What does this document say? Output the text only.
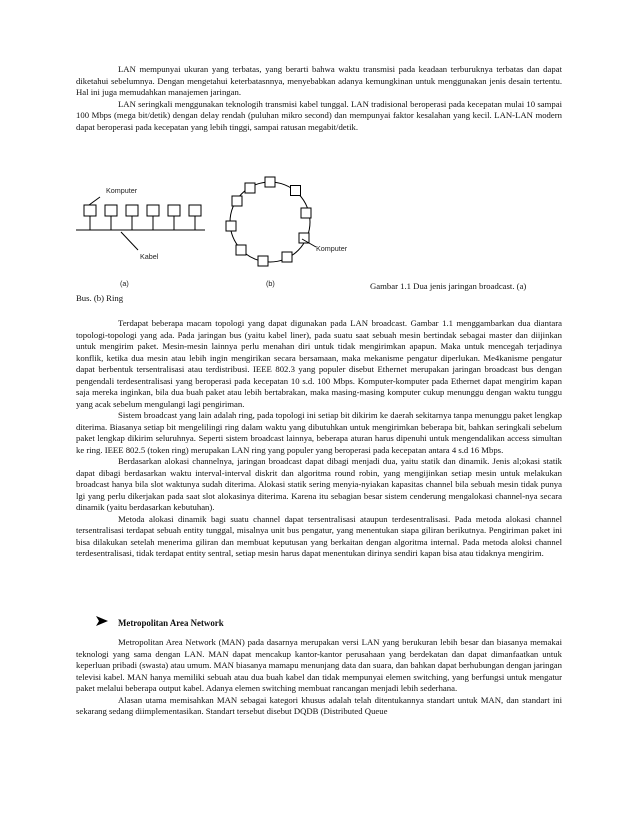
LAN mempunyai ukuran yang terbatas, yang berarti bahwa waktu transmisi pada keadaan terburuknya terbatas dan dapat diketahui sebelumnya. Dengan mengetahui keterbatasnnya, menyebabkan adanya kemungkinan untuk menggunakan jenis desain tertentu. Hal ini juga memudahkan manajemen jaringan.

LAN seringkali menggunakan teknologih transmisi kabel tunggal. LAN tradisional beroperasi pada kecepatan mulai 10 sampai 100 Mbps (mega bit/detik) dengan delay rendah (puluhan mikro second) dan mempunyai faktor kesalahan yang kecil. LAN-LAN modern dapat beroperasi pada kecepatan yang lebih tinggi, sampai ratusan megabit/detik.

Komputer
Kabel
Komputer
(a)	(b)	Gambar 1.1 Dua jenis jaringan broadcast. (a)
Bus. (b) Ring

Terdapat beberapa macam topologi yang dapat digunakan pada LAN broadcast. Gambar 1.1 menggambarkan dua diantara topologi-topologi yang ada. Pada jaringan bus (yaitu kabel liner), pada suatu saat sebuah mesin bertindak sebagai master dan diijinkan untuk mengirim paket. Mesin-mesin lainnya perlu menahan diri untuk tidak mengirimkan apapun. Maka untuk mencegah terjadinya konflik, ketika dua mesin atau lebih ingin mengirikan secara bersamaan, maka mekanisme pengatur diperlukan. Me4kanisme pengatur dapat berbentuk tersentralisasi atau terdistribusi. IEEE 802.3 yang populer disebut Ethernet merupakan jaringan broadcast bus dengan pengendali terdesentralisasi yang beroperasi pada kecepatan 10 s.d. 100 Mbps. Komputer-komputer pada Ethernet dapat mengirim kapan saja mereka inginkan, bila dua buah paket atau lebih bertabrakan, maka masing-masing komputer cukup menunggu dengan waktu tunggu yang acak sebelum mengulangi lagi pengiriman.

Sistem broadcast yang lain adalah ring, pada topologi ini setiap bit dikirim ke daerah sekitarnya tanpa menunggu paket lengkap diterima. Biasanya setiap bit mengelilingi ring dalam waktu yang dibutuhkan untuk mengirimkan beberapa bit, bahkan seringkali sebelum paket lengkap dikirim seluruhnya. Seperti sistem broadcast lainnya, beberapa aturan harus dipenuhi untuk mengendalikan access simultan ke ring. IEEE 802.5 (token ring) merupakan LAN ring yang populer yang beroperasi pada kecepatan antara 4 s.d 16 Mbps.

Berdasarkan alokasi channelnya, jaringan broadcast dapat dibagi menjadi dua, yaitu statik dan dinamik. Jenis al;okasi statik dapat dibagi berdasarkan waktu interval-interval diskrit dan algoritma round robin, yang mengijinkan setiap mesin untuk melakukan broadcast hanya bila slot waktunya sudah diterima. Alokasi statik sering menyia-nyiakan kapasitas channel bila sebuah mesin tidak punya lgi yang perlu dikerjakan pada saat slot alokasinya diterima. Karena itu sebagian besar sistem cenderung mengalokasi channel-nya secara dinamik (yaitu berdasarkan kebutuhan).

Metoda alokasi dinamik bagi suatu channel dapat tersentralisasi ataupun terdesentralisasi. Pada metoda alokasi channel tersentralisasi terdapat sebuah entity tunggal, misalnya unit bus pengatur, yang menentukan siapa giliran berikutnya. Pengiriman paket ini bisa dilakukan setelah menerima giliran dan membuat keputusan yang berkaitan dengan algoritma internal. Pada metoda aloksi channel terdesentralisasi, tidak terdapat entity sentral, setiap mesin harus dapat menentukan dirinya sendiri kapan bisa atau tidaknya mengirim.

Metropolitan Area Network

Metropolitan Area Network (MAN) pada dasarnya merupakan versi LAN yang berukuran lebih besar dan biasanya memakai teknologi yang sama dengan LAN. MAN dapat mencakup kantor-kantor perusahaan yang berdekatan dan dapat dimanfaatkan untuk keperluan pribadi (swasta) atau umum. MAN biasanya mamapu menunjang data dan suara, dan bahkan dapat berhubungan dengan jaringan televisi kabel. MAN hanya memiliki sebuah atau dua buah kabel dan tidak mempunyai elemen switching, yang berfungsi untuk mengatur paket melalui beberapa output kabel. Adanya elemen switching membuat rancangan menjadi lebih sederhana.

Alasan utama memisahkan MAN sebagai kategori khusus adalah telah ditentukannya standart untuk MAN, dan standart ini sekarang sedang diimplementasikan. Standart tersebut disebut DQDB (Distributed Queue
